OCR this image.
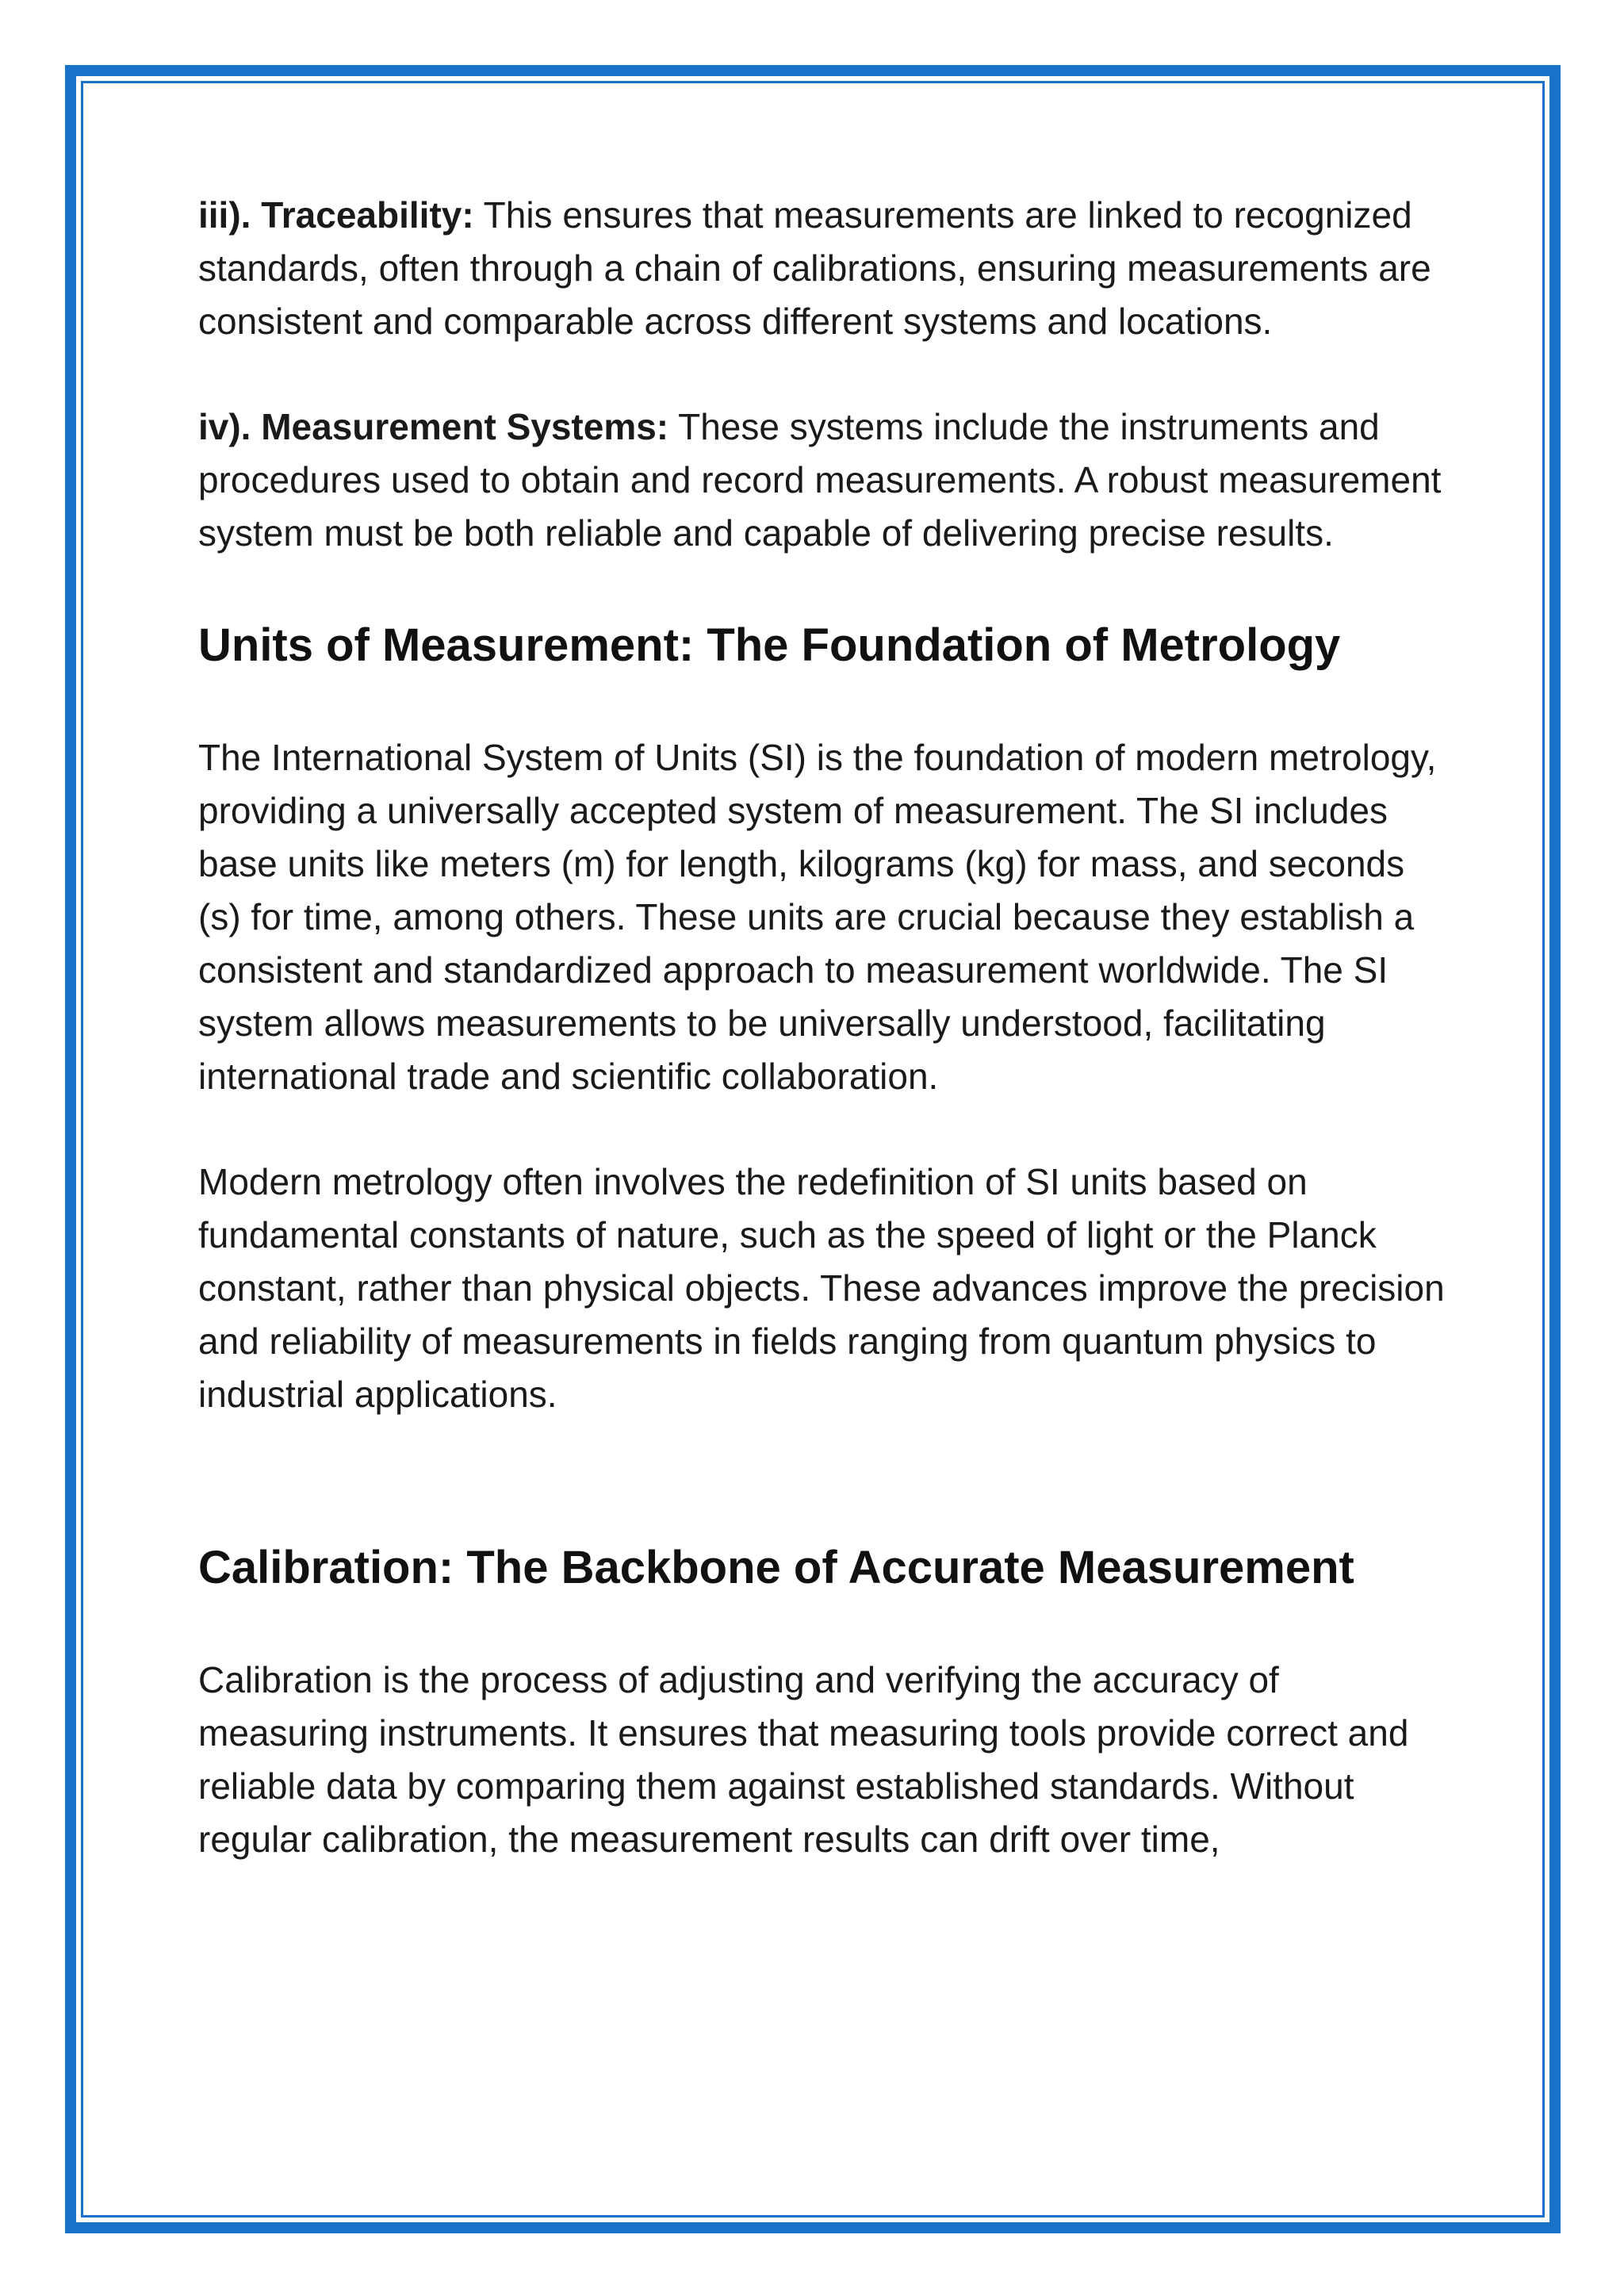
iii). Traceability: This ensures that measurements are linked to recognized standards, often through a chain of calibrations, ensuring measurements are consistent and comparable across different systems and locations.

iv). Measurement Systems: These systems include the instruments and procedures used to obtain and record measurements. A robust measurement system must be both reliable and capable of delivering precise results.

Units of Measurement: The Foundation of Metrology

The International System of Units (SI) is the foundation of modern metrology, providing a universally accepted system of measurement. The SI includes base units like meters (m) for length, kilograms (kg) for mass, and seconds (s) for time, among others. These units are crucial because they establish a consistent and standardized approach to measurement worldwide. The SI system allows measurements to be universally understood, facilitating international trade and scientific collaboration.

Modern metrology often involves the redefinition of SI units based on fundamental constants of nature, such as the speed of light or the Planck constant, rather than physical objects. These advances improve the precision and reliability of measurements in fields ranging from quantum physics to industrial applications.

Calibration: The Backbone of Accurate Measurement

Calibration is the process of adjusting and verifying the accuracy of measuring instruments. It ensures that measuring tools provide correct and reliable data by comparing them against established standards. Without regular calibration, the measurement results can drift over time,
